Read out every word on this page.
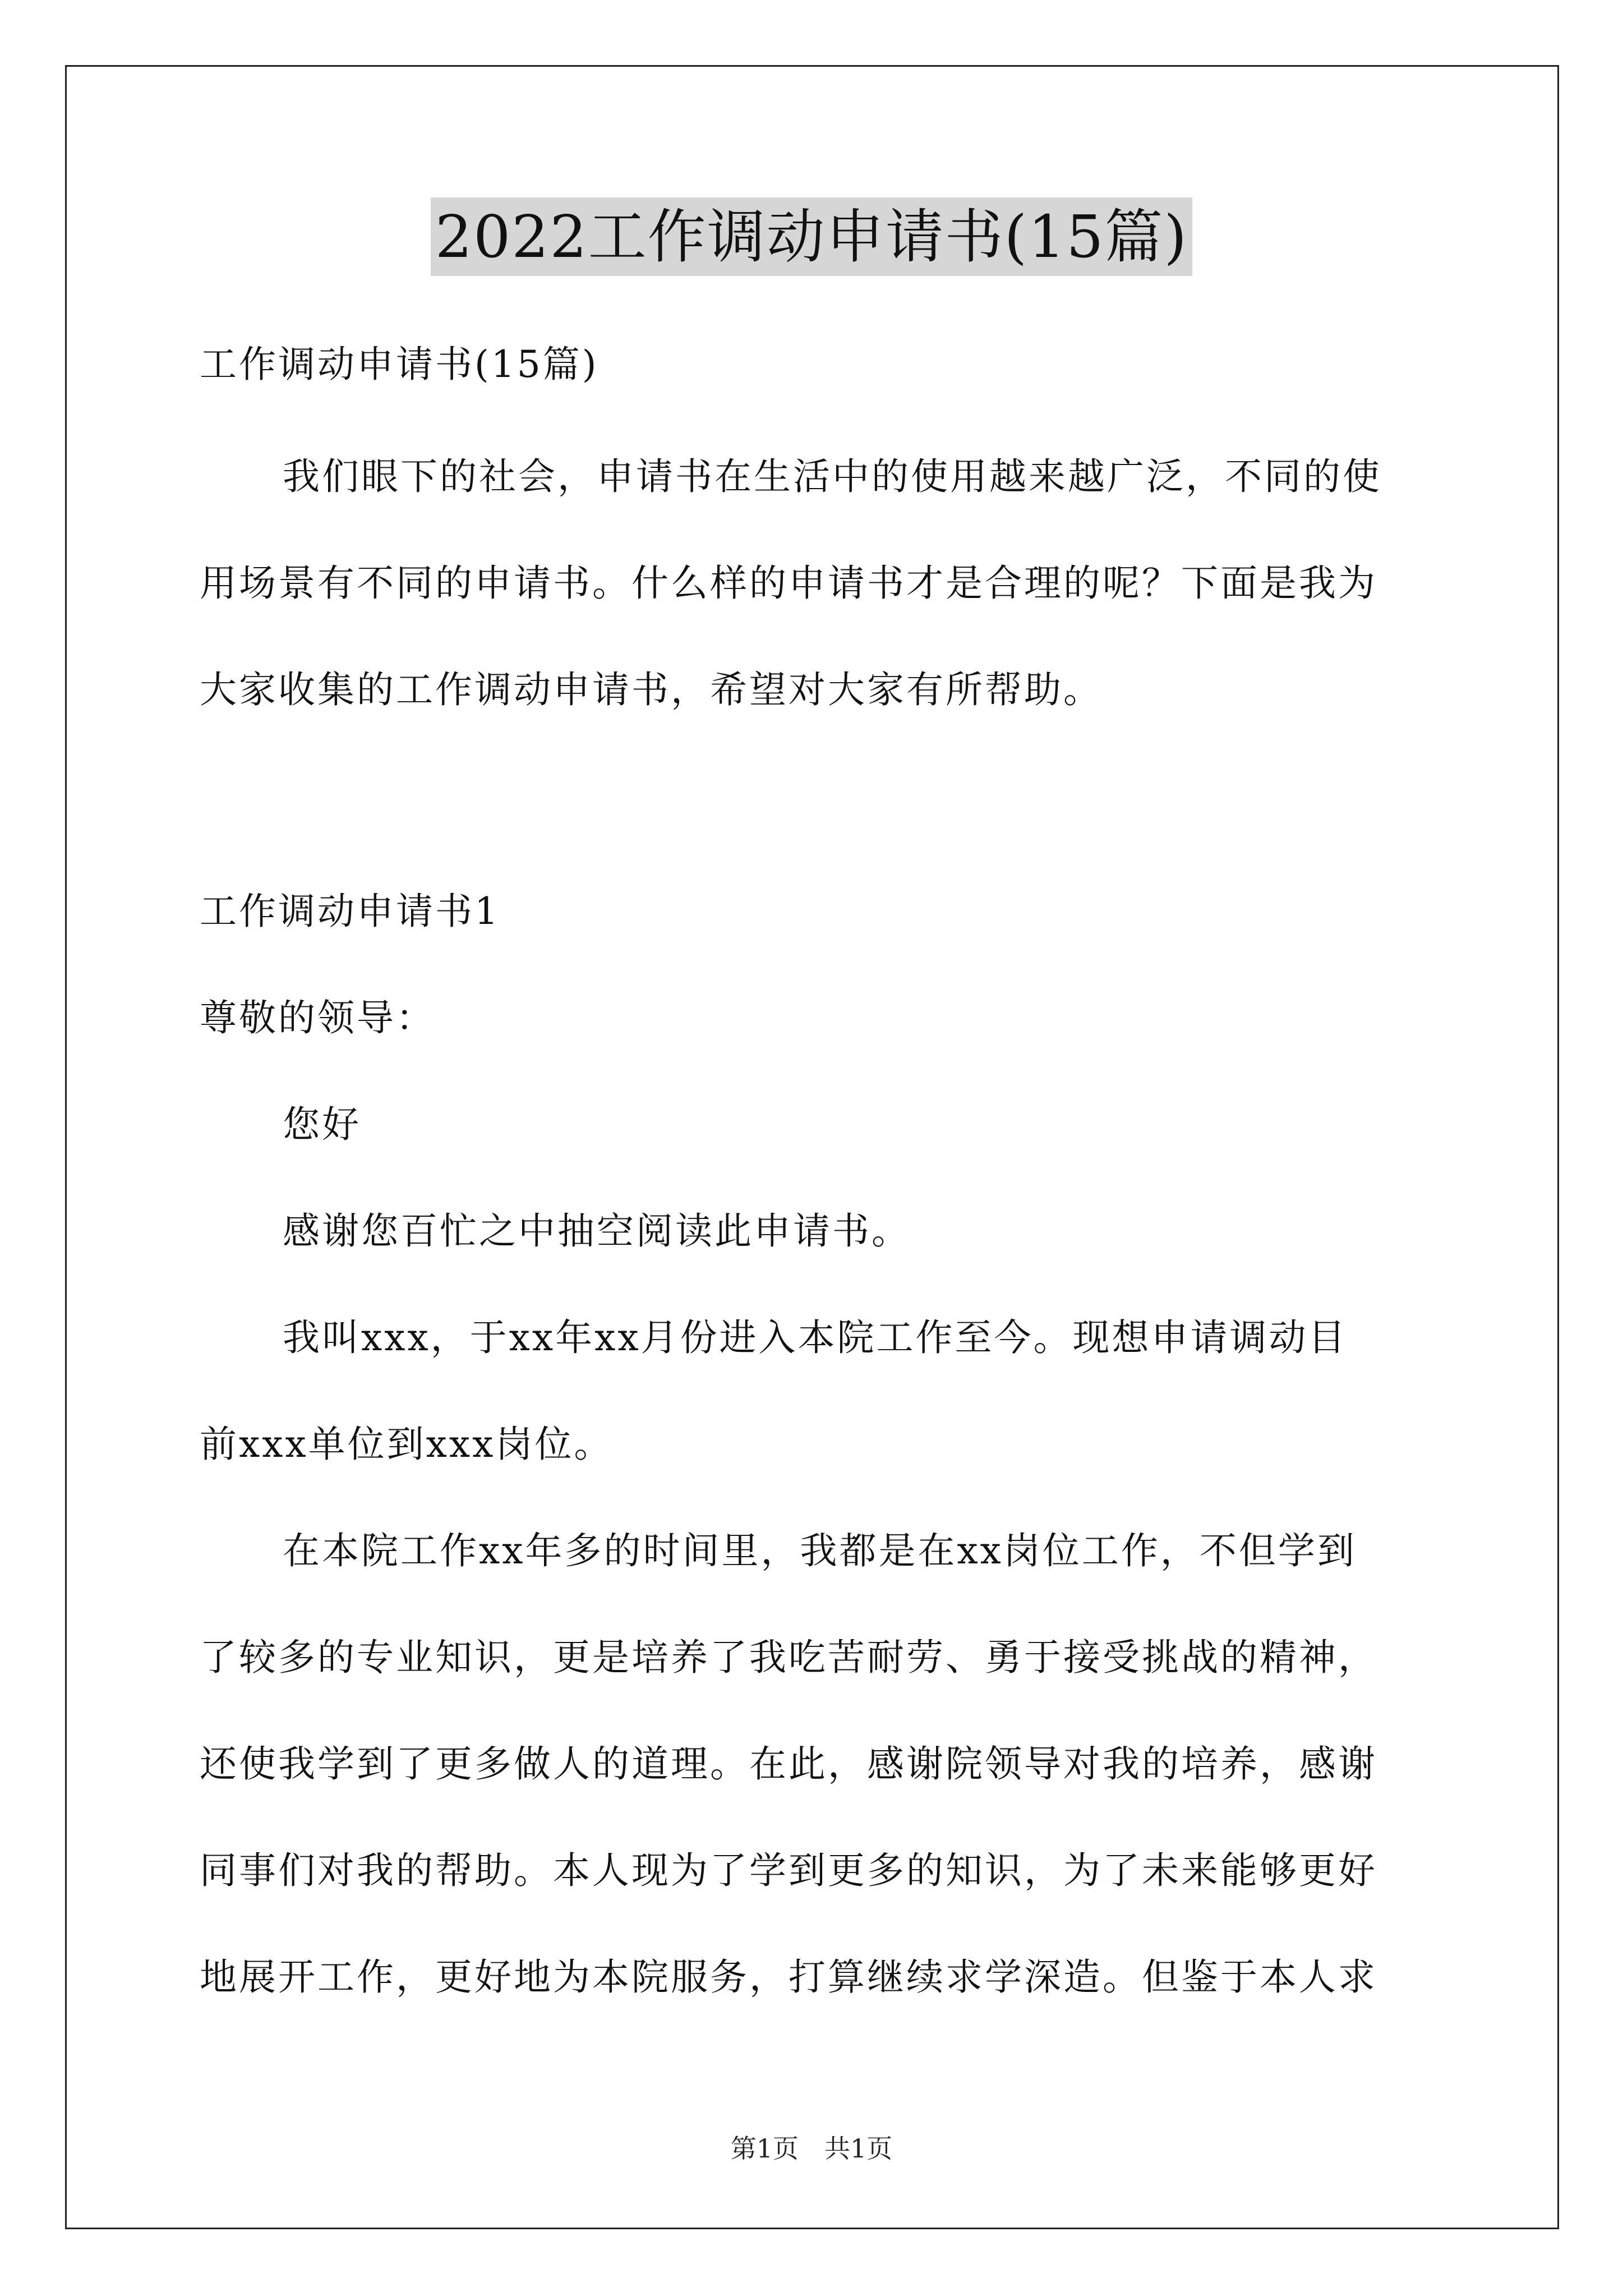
2022工作调动申请书(15篇)
工作调动申请书(15篇)
我们眼下的社会，申请书在生活中的使用越来越广泛，不同的使
用场景有不同的申请书。什么样的申请书才是合理的呢？下面是我为
大家收集的工作调动申请书，希望对大家有所帮助。
工作调动申请书1
尊敬的领导：
您好
感谢您百忙之中抽空阅读此申请书。
我叫xxx，于xx年xx月份进入本院工作至今。现想申请调动目
前xxx单位到xxx岗位。
在本院工作xx年多的时间里，我都是在xx岗位工作，不但学到
了较多的专业知识，更是培养了我吃苦耐劳、勇于接受挑战的精神，
还使我学到了更多做人的道理。在此，感谢院领导对我的培养，感谢
同事们对我的帮助。本人现为了学到更多的知识，为了未来能够更好
地展开工作，更好地为本院服务，打算继续求学深造。但鉴于本人求
第1页　共1页
